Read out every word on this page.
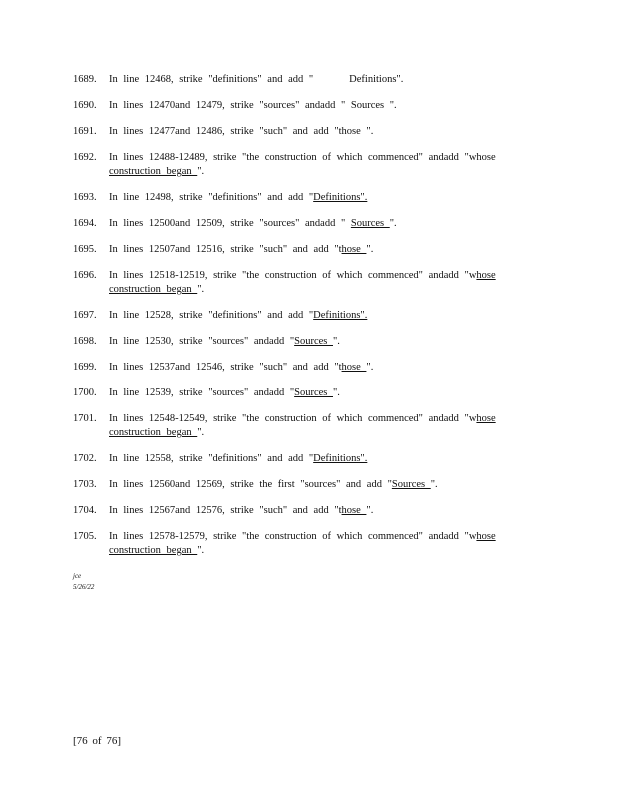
1689.	In line 12468, strike "definitions" and add "	Definitions".
1690.	In lines 12470and 12479, strike "sources" andadd " Sources ".
1691.	In lines 12477and 12486, strike "such" and add "those ".
1692.	In lines 12488-12489, strike "the construction of which commenced" andadd "whose
construction began ".
1693.	In line 12498, strike "definitions" and add "Definitions".
1694.	In lines 12500and 12509, strike "sources" andadd " Sources ".
1695.	In lines 12507and 12516, strike "such" and add "those ".
1696.	In lines 12518-12519, strike "the construction of which commenced" andadd "whose
construction began ".
1697.	In line 12528, strike "definitions" and add "Definitions".
1698.	In line 12530, strike "sources" andadd "Sources ".
1699.	In lines 12537and 12546, strike "such" and add "those ".
1700.	In line 12539, strike "sources" andadd "Sources ".
1701.	In lines 12548-12549, strike "the construction of which commenced" andadd "whose
construction began ".
1702.	In line 12558, strike "definitions" and add "Definitions".
1703.	In lines 12560and 12569, strike the first "sources" and add "Sources ".
1704.	In lines 12567and 12576, strike "such" and add "those ".
1705.	In lines 12578-12579, strike "the construction of which commenced" andadd "whose
construction began ".
jce
5/26/22
[76 of 76]
